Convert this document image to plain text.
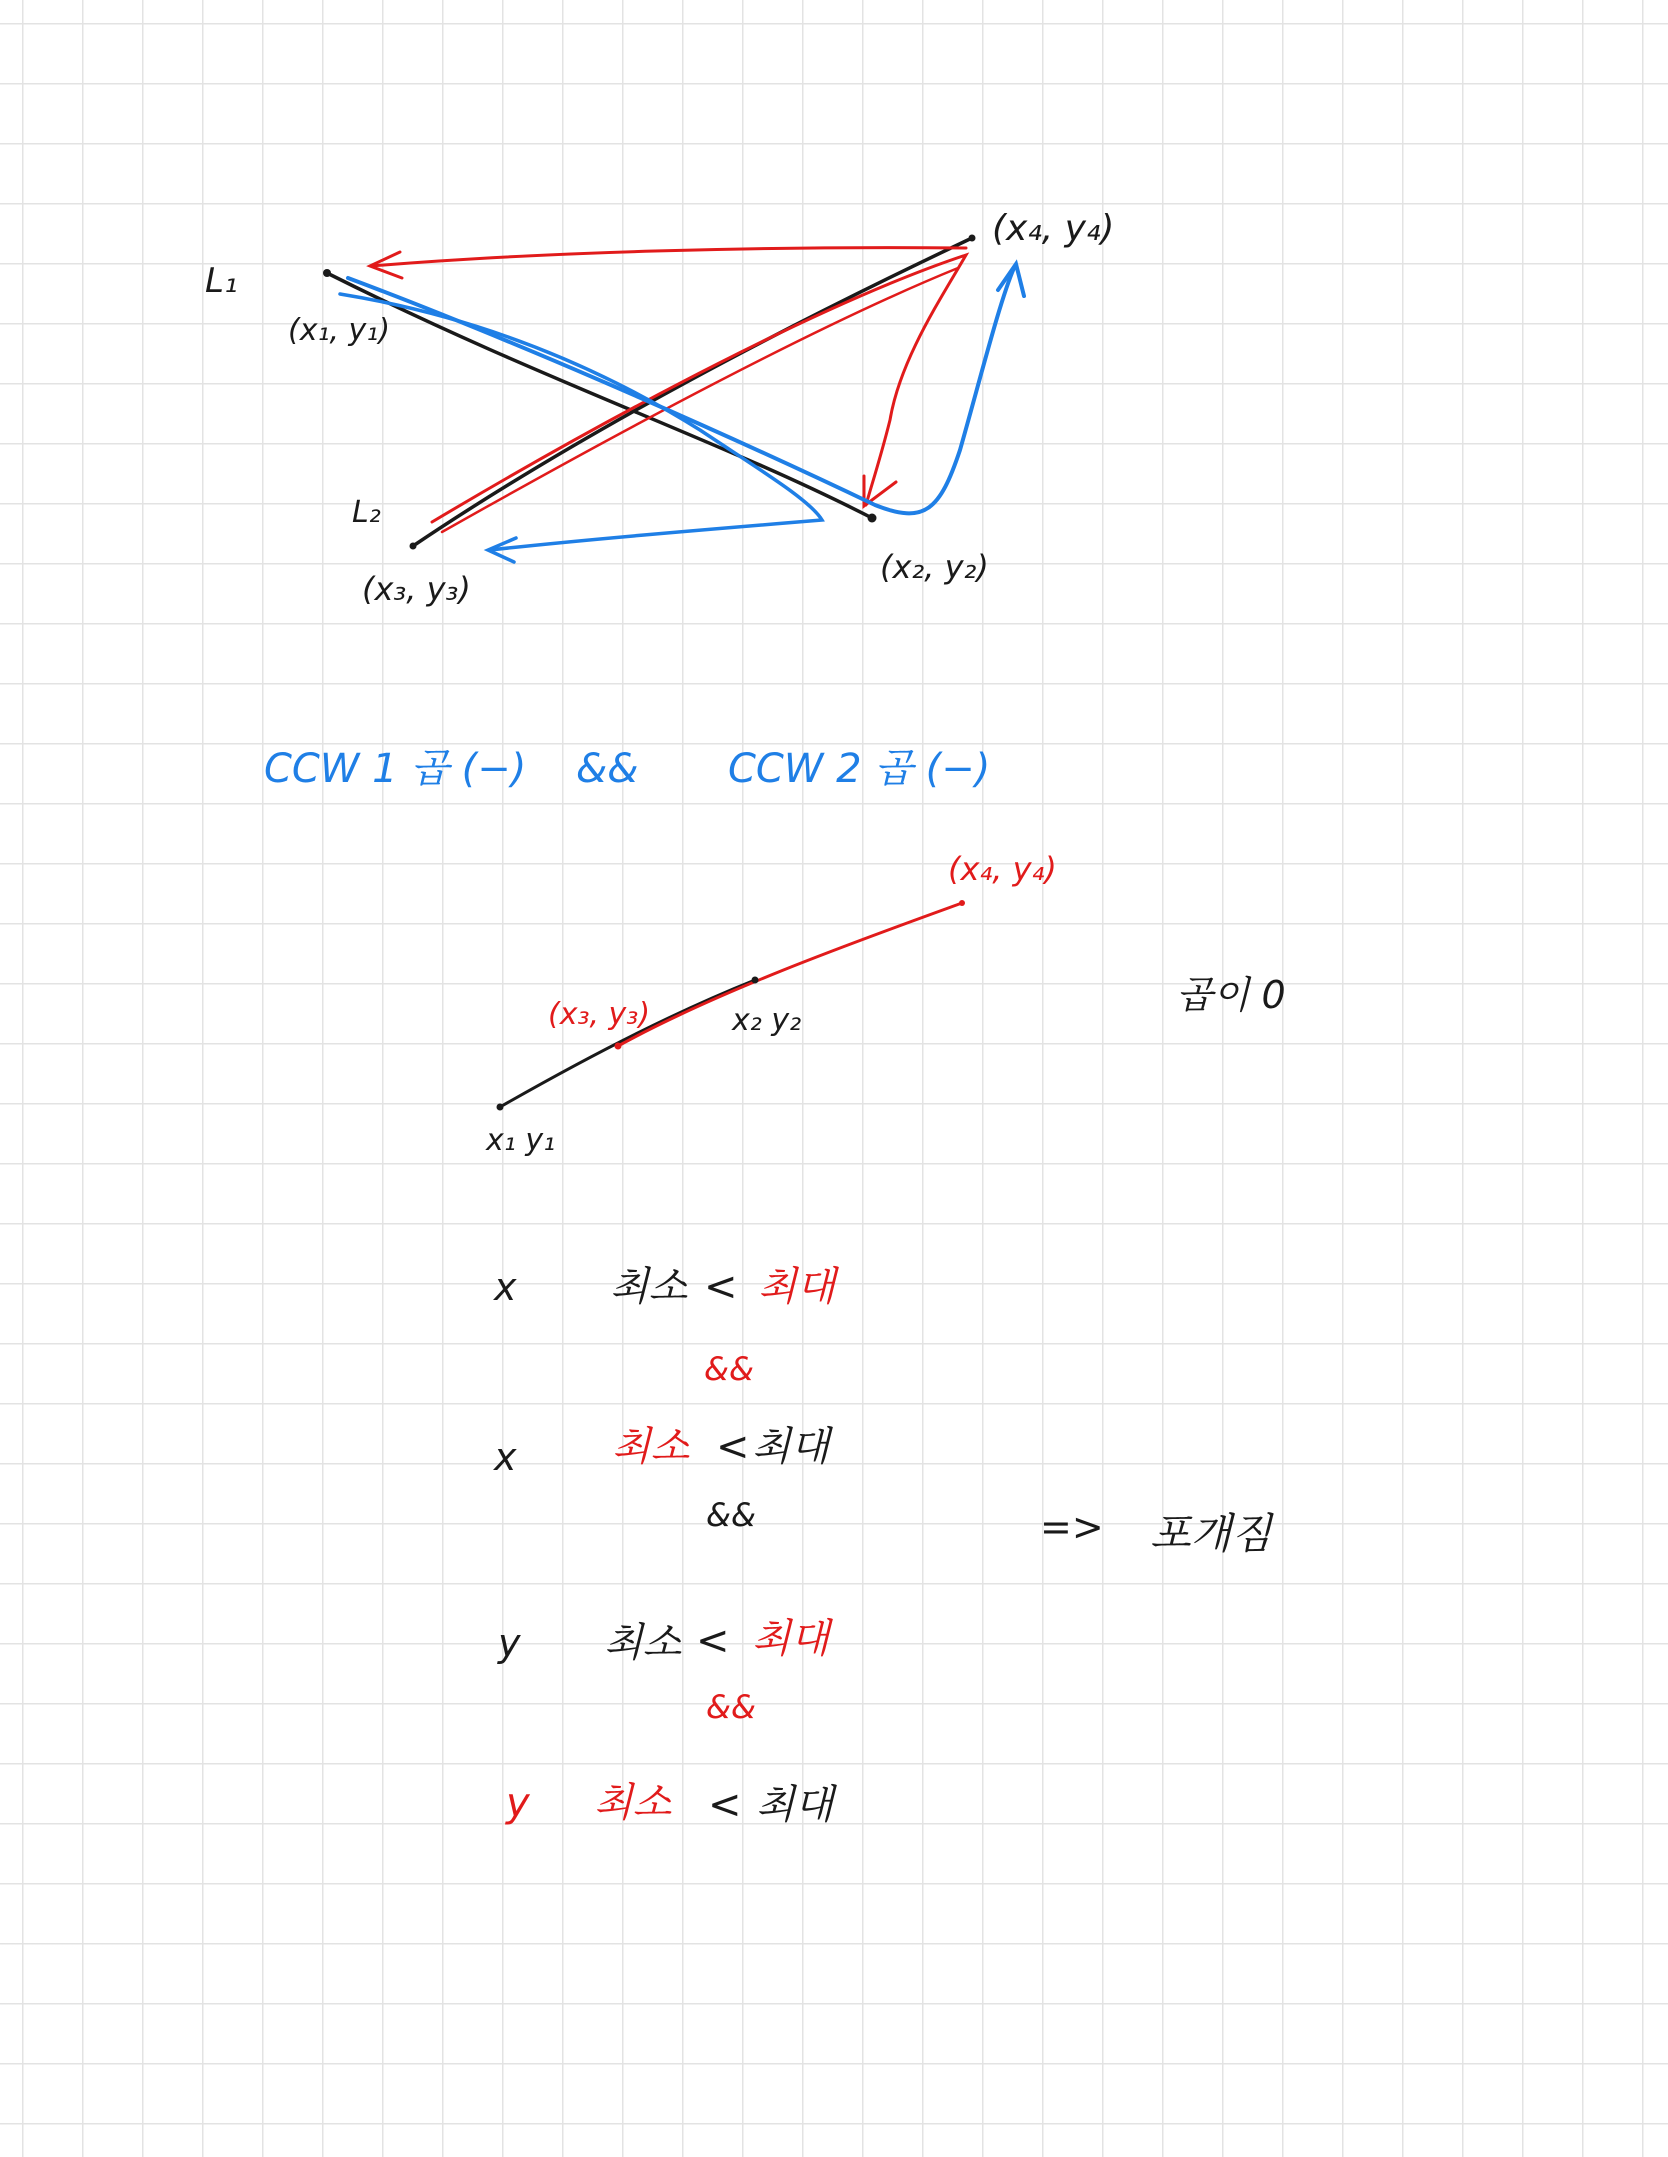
L₁
L₂
(x₁, y₁)
(x₂, y₂)
(x₃, y₃)
(x₄, y₄)
CCW 1 곱 (−) && CCW 2 곱 (−)
(x₄, y₄)
(x₃, y₃)	x₂ y₂
x₁ y₁
곱이 0
x 최소 < 최대
&&
x 최소 < 최대
&&
y 최소 < 최대
&&
y 최소 < 최대
=> 포개짐
